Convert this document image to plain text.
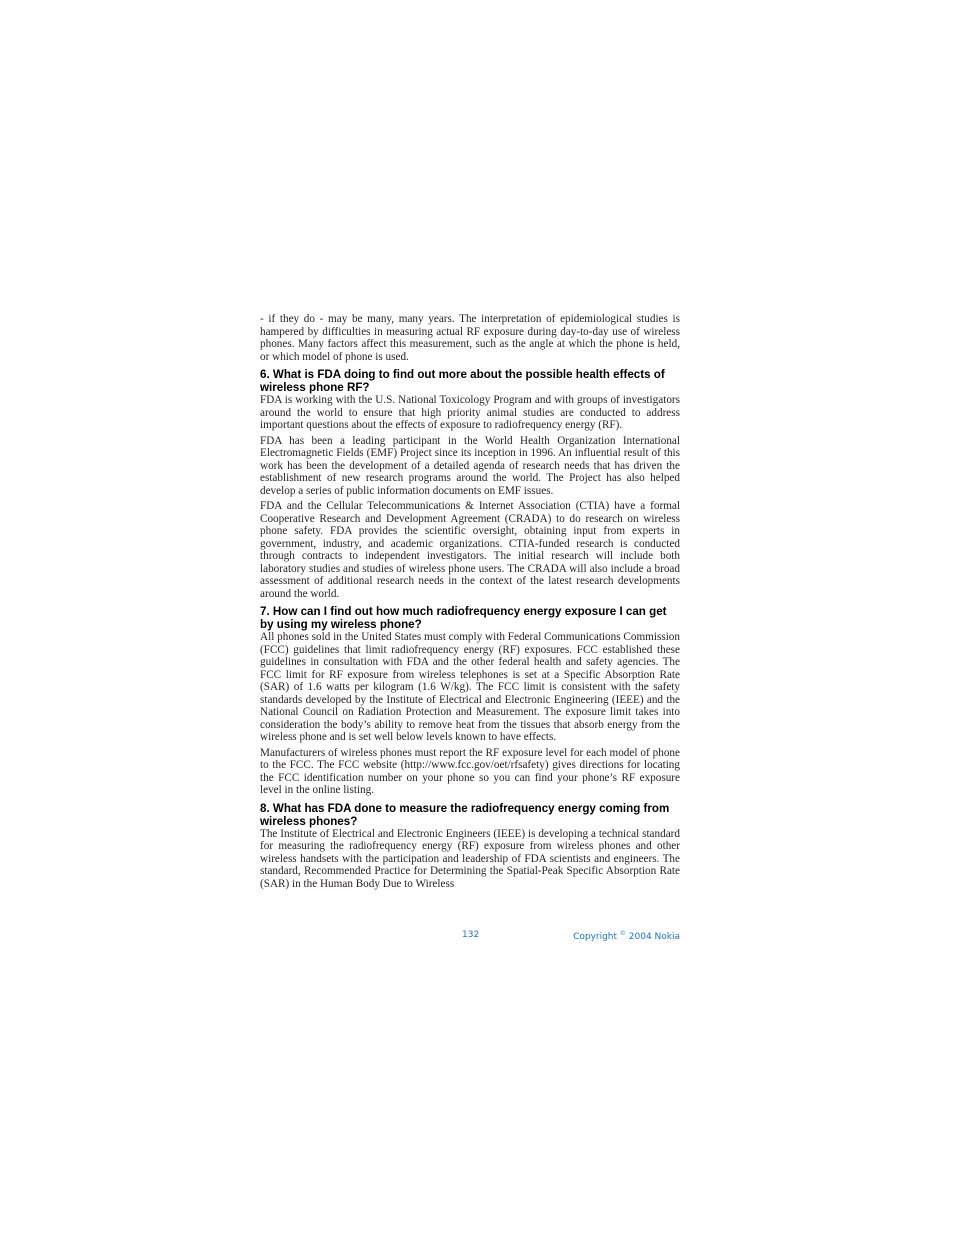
- if they do - may be many, many years. The interpretation of epidemiological studies is hampered by difficulties in measuring actual RF exposure during day-to-day use of wireless phones. Many factors affect this measurement, such as the angle at which the phone is held, or which model of phone is used.

6. What is FDA doing to find out more about the possible health effects of wireless phone RF?

FDA is working with the U.S. National Toxicology Program and with groups of investigators around the world to ensure that high priority animal studies are conducted to address important questions about the effects of exposure to radiofrequency energy (RF).

FDA has been a leading participant in the World Health Organization International Electromagnetic Fields (EMF) Project since its inception in 1996. An influential result of this work has been the development of a detailed agenda of research needs that has driven the establishment of new research programs around the world. The Project has also helped develop a series of public information documents on EMF issues.

FDA and the Cellular Telecommunications & Internet Association (CTIA) have a formal Cooperative Research and Development Agreement (CRADA) to do research on wireless phone safety. FDA provides the scientific oversight, obtaining input from experts in government, industry, and academic organizations. CTIA-funded research is conducted through contracts to independent investigators. The initial research will include both laboratory studies and studies of wireless phone users. The CRADA will also include a broad assessment of additional research needs in the context of the latest research developments around the world.

7. How can I find out how much radiofrequency energy exposure I can get by using my wireless phone?

All phones sold in the United States must comply with Federal Communications Commission (FCC) guidelines that limit radiofrequency energy (RF) exposures. FCC established these guidelines in consultation with FDA and the other federal health and safety agencies. The FCC limit for RF exposure from wireless telephones is set at a Specific Absorption Rate (SAR) of 1.6 watts per kilogram (1.6 W/kg). The FCC limit is consistent with the safety standards developed by the Institute of Electrical and Electronic Engineering (IEEE) and the National Council on Radiation Protection and Measurement. The exposure limit takes into consideration the body’s ability to remove heat from the tissues that absorb energy from the wireless phone and is set well below levels known to have effects.

Manufacturers of wireless phones must report the RF exposure level for each model of phone to the FCC. The FCC website (http://www.fcc.gov/oet/rfsafety) gives directions for locating the FCC identification number on your phone so you can find your phone’s RF exposure level in the online listing.

8. What has FDA done to measure the radiofrequency energy coming from wireless phones?

The Institute of Electrical and Electronic Engineers (IEEE) is developing a technical standard for measuring the radiofrequency energy (RF) exposure from wireless phones and other wireless handsets with the participation and leadership of FDA scientists and engineers. The standard, Recommended Practice for Determining the Spatial-Peak Specific Absorption Rate (SAR) in the Human Body Due to Wireless

132	Copyright © 2004 Nokia
